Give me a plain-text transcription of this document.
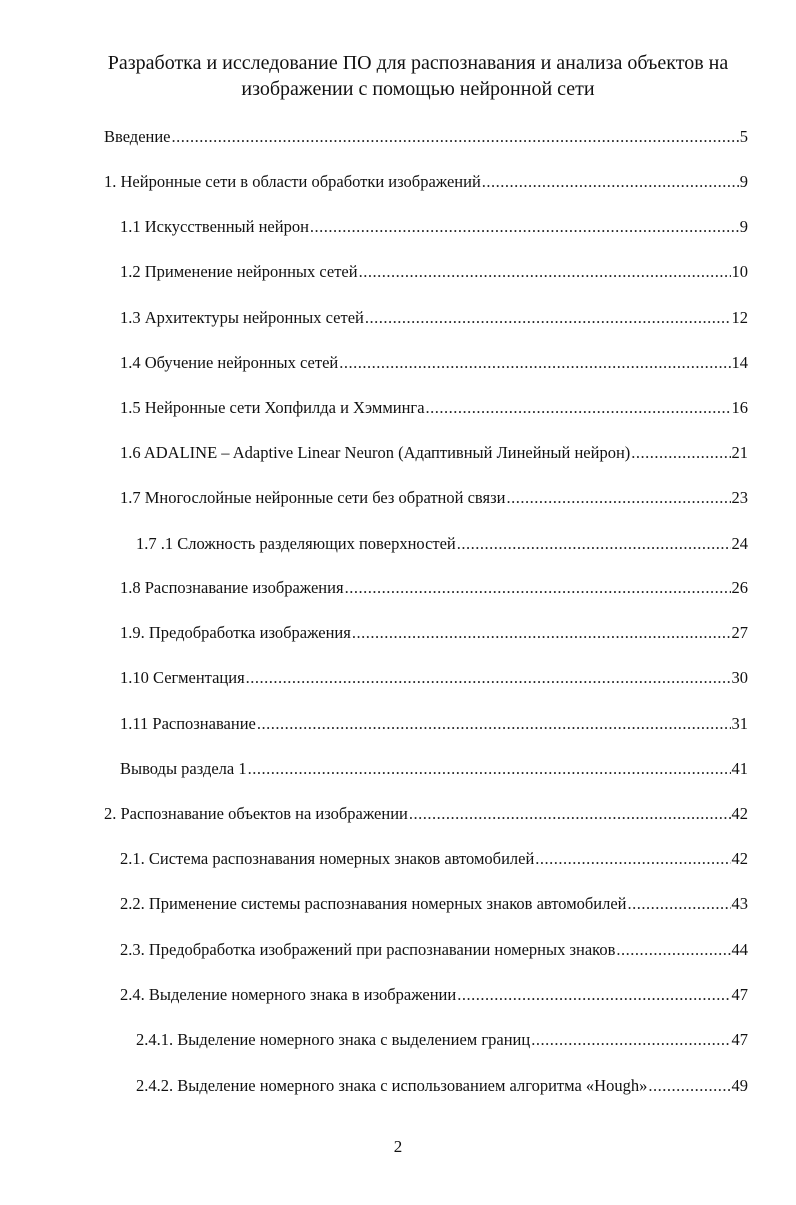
Разработка и исследование ПО для распознавания и анализа объектов на
изображении с помощью нейронной сети
Введение .....	5
1. Нейронные сети в области обработки изображений .....	9
1.1 Искусственный нейрон .....	9
1.2 Применение нейронных сетей .....	10
1.3 Архитектуры нейронных сетей .....	12
1.4 Обучение нейронных сетей .....	14
1.5 Нейронные сети Хопфилда и Хэмминга .....	16
1.6 ADALINE – Adaptive Linear Neuron (Адаптивный Линейный нейрон) .....	21
1.7 Многослойные нейронные сети без обратной связи .....	23
1.7 .1 Сложность разделяющих поверхностей .....	24
1.8 Распознавание изображения .....	26
1.9. Предобработка изображения .....	27
1.10 Сегментация .....	30
1.11 Распознавание .....	31
Выводы раздела 1 .....	41
2. Распознавание объектов на изображении .....	42
2.1. Система распознавания номерных знаков автомобилей .....	42
2.2. Применение системы распознавания номерных знаков автомобилей .....	43
2.3. Предобработка изображений при распознавании номерных знаков .....	44
2.4. Выделение номерного знака в изображении .....	47
2.4.1. Выделение номерного знака с выделением границ .....	47
2.4.2. Выделение номерного знака с использованием алгоритма «Hough» .....	49
2
